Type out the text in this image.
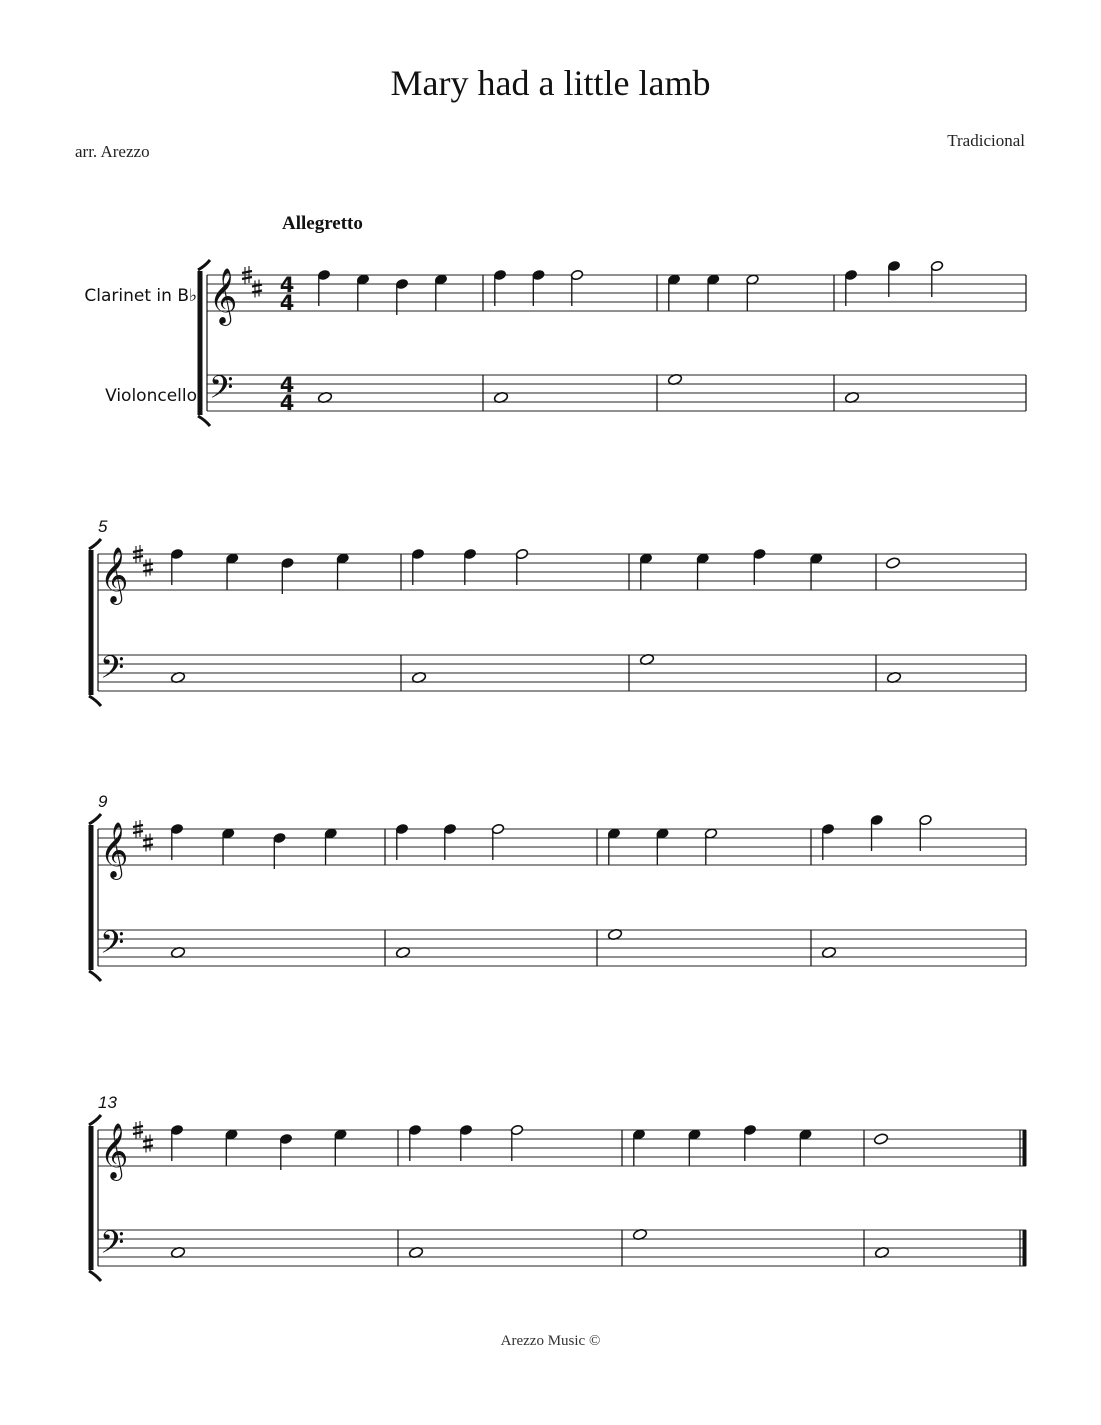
Mary had a little lamb
Tradicional
arr. Arezzo
Allegretto
Clarinet in B♭
Violoncello
𝄞
𝄢
4
4
4
4
𝄞
𝄢
5
𝄞
𝄢
9
𝄞
𝄢
13
Arezzo Music ©
